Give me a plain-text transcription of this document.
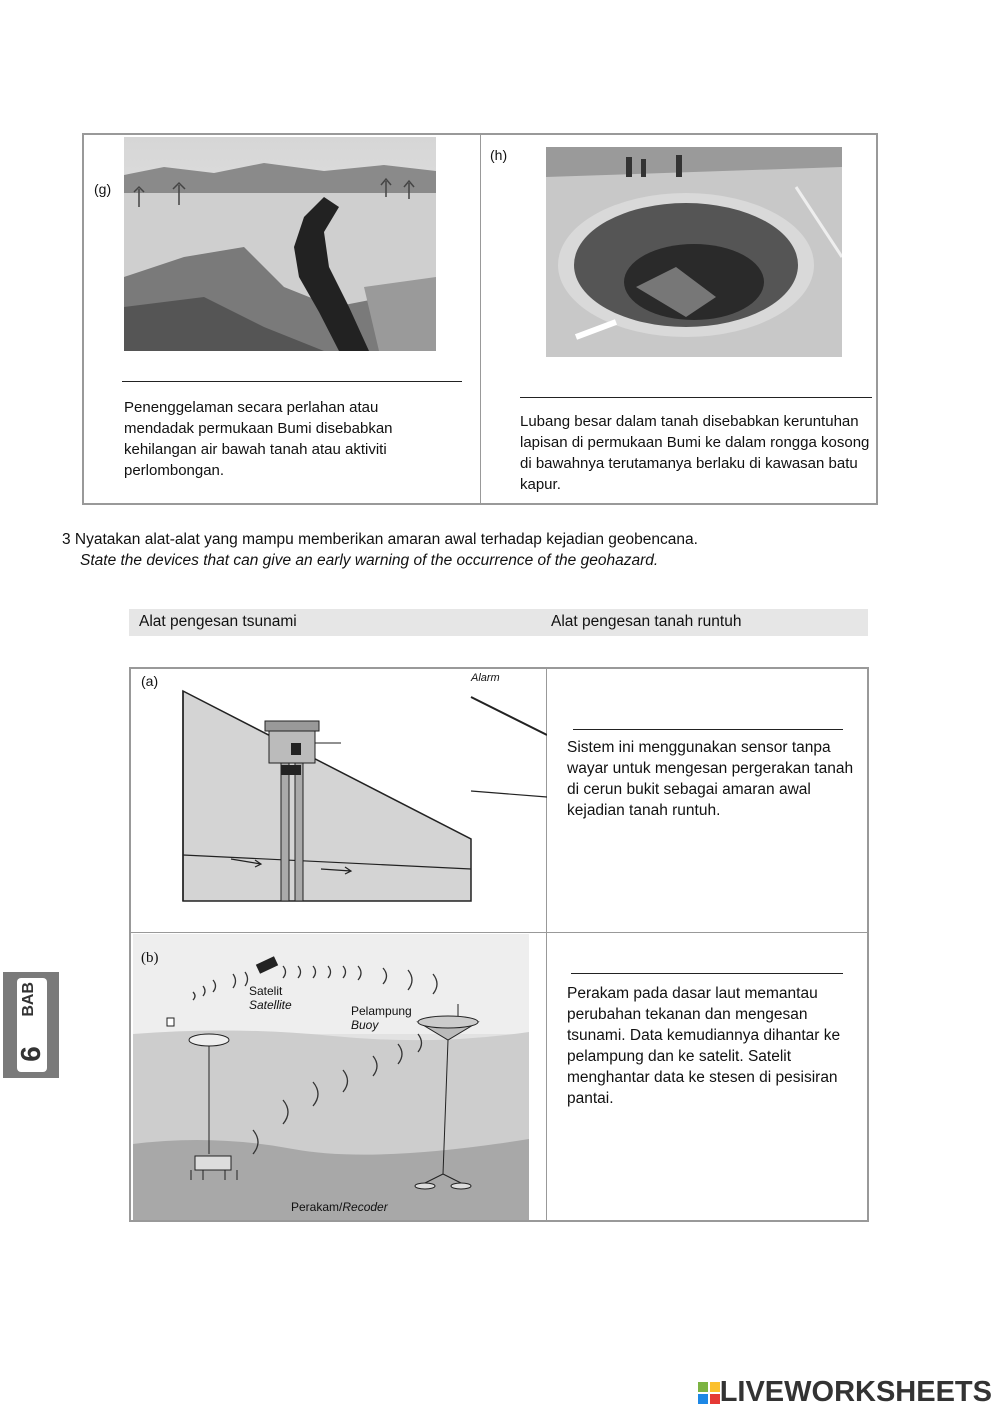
(g)
Penenggelaman secara perlahan atau mendadak permukaan Bumi disebabkan kehilangan air bawah tanah atau aktiviti perlombongan.
(h)
Lubang besar dalam tanah disebabkan keruntuhan lapisan di permukaan Bumi ke dalam rongga kosong di bawahnya terutamanya berlaku di kawasan batu kapur.
3 Nyatakan alat-alat yang mampu memberikan amaran awal terhadap kejadian geobencana.
State the devices that can give an early warning of the occurrence of the geohazard.
Alat pengesan tsunami	Alat pengesan tanah runtuh
(a)	Alarm
Sistem ini menggunakan sensor tanpa wayar untuk mengesan pergerakan tanah di cerun bukit sebagai amaran awal kejadian tanah runtuh.
(b)
Satelit
Satellite	Pelampung
Buoy
Perakam/Recoder
Perakam pada dasar laut memantau perubahan tekanan dan mengesan tsunami. Data kemudiannya dihantar ke pelampung dan ke satelit. Satelit menghantar data ke stesen di pesisiran pantai.
BAB
9
LIVEWORKSHEETS
